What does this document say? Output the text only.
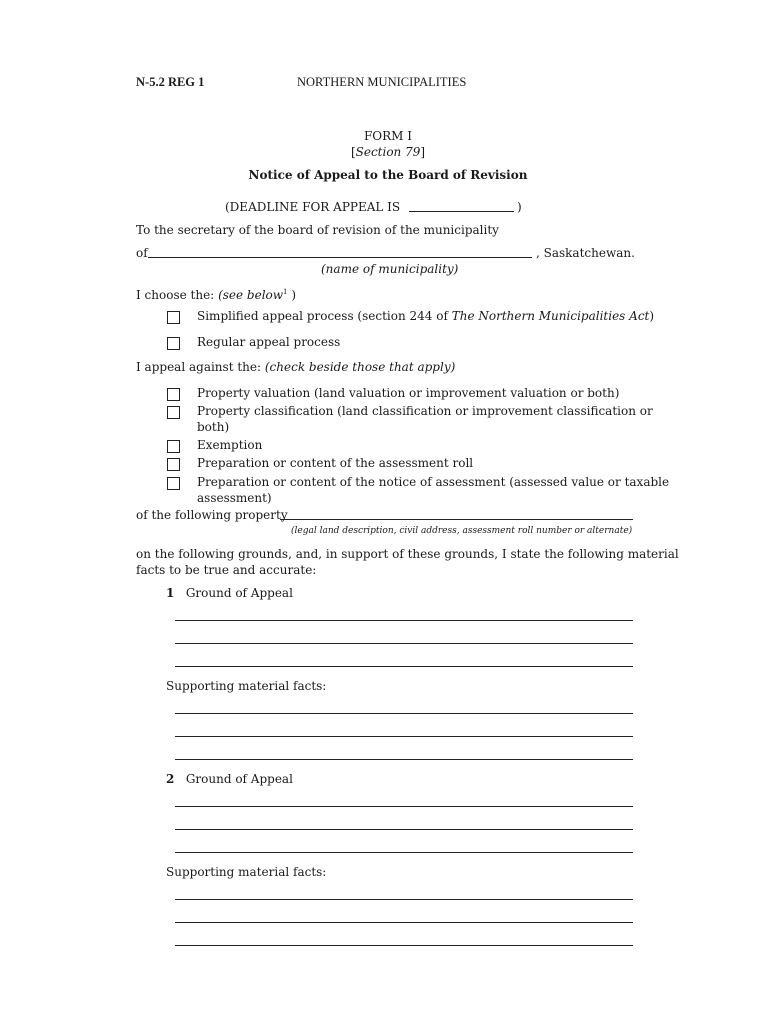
N-5.2 REG 1	NORTHERN MUNICIPALITIES
FORM I
[Section 79]
Notice of Appeal to the Board of Revision
(DEADLINE FOR APPEAL IS	)
To the secretary of the board of revision of the municipality
of	, Saskatchewan.
(name of municipality)
I choose the: (see below$^1$ )
Simplified appeal process (section 244 of The Northern Municipalities Act)
Regular appeal process
I appeal against the: (check beside those that apply)
Property valuation (land valuation or improvement valuation or both)
Property classification (land classification or improvement classification or
both)
Exemption
Preparation or content of the assessment roll
Preparation or content of the notice of assessment (assessed value or taxable
assessment)
of the following property
(legal land description, civil address, assessment roll number or alternate)
on the following grounds, and, in support of these grounds, I state the following material
facts to be true and accurate:
1 Ground of Appeal
Supporting material facts:
2 Ground of Appeal
Supporting material facts:
